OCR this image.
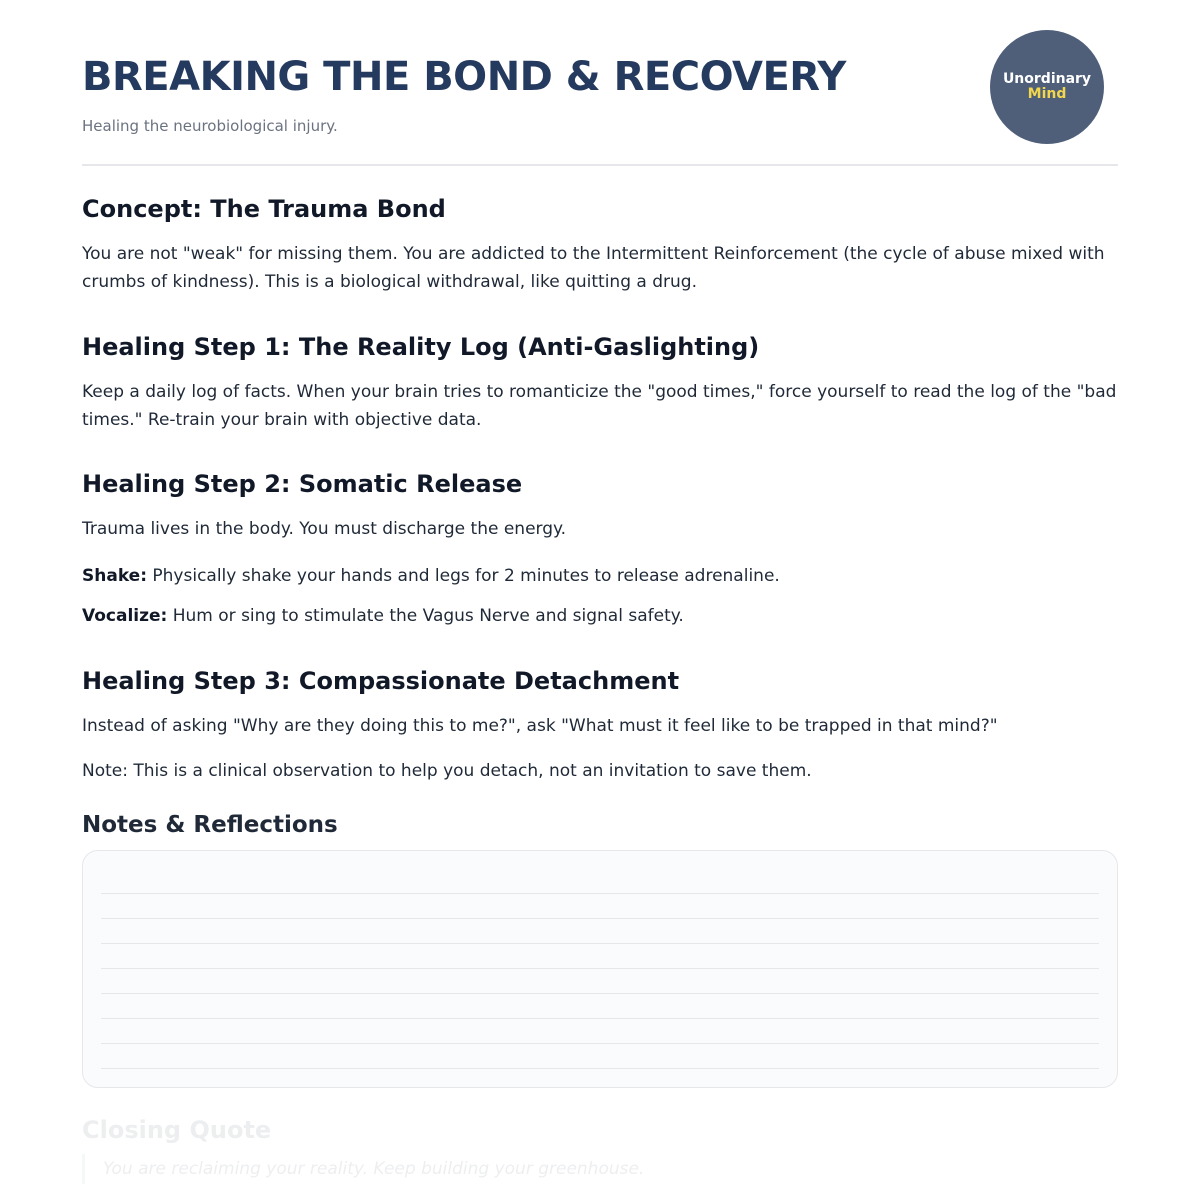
BREAKING THE BOND & RECOVERY

Healing the neurobiological injury.

Unordinary
Mind
Concept: The Trauma Bond

You are not "weak" for missing them. You are addicted to the Intermittent Reinforcement (the cycle of abuse mixed with crumbs of kindness). This is a biological withdrawal, like quitting a drug.

Healing Step 1: The Reality Log (Anti-Gaslighting)

Keep a daily log of facts. When your brain tries to romanticize the "good times," force yourself to read the log of the "bad times." Re-train your brain with objective data.

Healing Step 2: Somatic Release

Trauma lives in the body. You must discharge the energy.

Shake: Physically shake your hands and legs for 2 minutes to release adrenaline.

Vocalize: Hum or sing to stimulate the Vagus Nerve and signal safety.

Healing Step 3: Compassionate Detachment

Instead of asking "Why are they doing this to me?", ask "What must it feel like to be trapped in that mind?"

Note: This is a clinical observation to help you detach, not an invitation to save them.

Notes & Reflections
Closing Quote
You are reclaiming your reality. Keep building your greenhouse.
